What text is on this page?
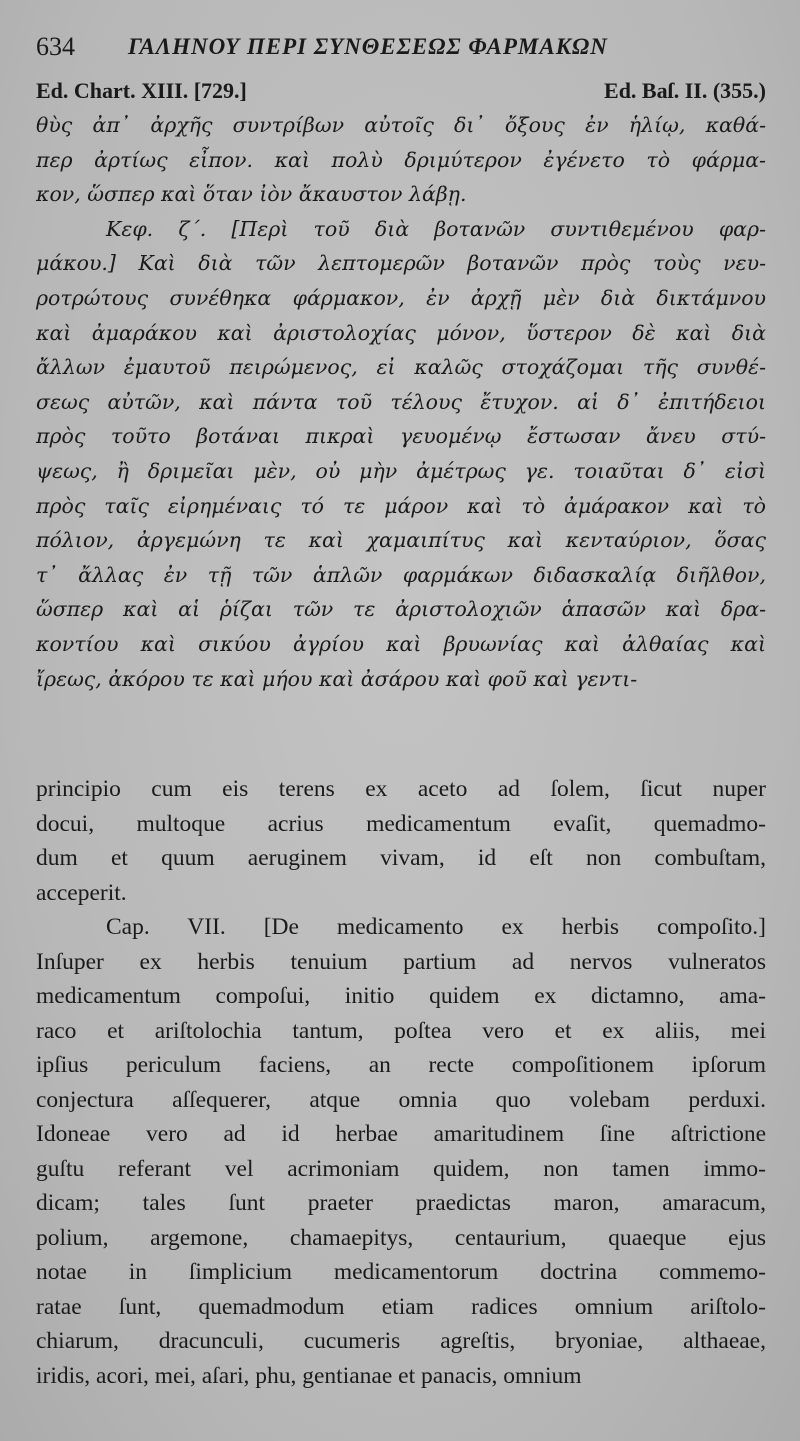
634 ΓΑΛΗΝΟΥ ΠΕΡΙ ΣΥΝΘΕΣΕΩΣ ΦΑΡΜΑΚΩΝ
Ed. Chart. XIII. [729.]	Ed. Baſ. II. (355.)
θὺς ἀπ᾽ ἀρχῆς συντρίβων αὐτοῖς δι᾽ ὄξους ἐν ἡλίῳ, καθά-
περ ἀρτίως εἶπον. καὶ πολὺ δριμύτερον ἐγένετο τὸ φάρμα-
κον, ὥσπερ καὶ ὅταν ἰὸν ἄκαυστον λάβῃ.
Κεφ. ζ΄. [Περὶ τοῦ διὰ βοτανῶν συντιθεμένου φαρ-
μάκου.] Καὶ διὰ τῶν λεπτομερῶν βοτανῶν πρὸς τοὺς νευ-
ροτρώτους συνέθηκα φάρμακον, ἐν ἀρχῇ μὲν διὰ δικτάμνου
καὶ ἀμαράκου καὶ ἀριστολοχίας μόνον, ὕστερον δὲ καὶ διὰ
ἄλλων ἐμαυτοῦ πειρώμενος, εἰ καλῶς στοχάζομαι τῆς συνθέ-
σεως αὐτῶν, καὶ πάντα τοῦ τέλους ἔτυχον. αἱ δ᾽ ἐπιτήδειοι
πρὸς τοῦτο βοτάναι πικραὶ γευομένῳ ἔστωσαν ἄνευ στύ-
ψεως, ἢ δριμεῖαι μὲν, οὐ μὴν ἀμέτρως γε. τοιαῦται δ᾽ εἰσὶ
πρὸς ταῖς εἰρημέναις τό τε μάρον καὶ τὸ ἀμάρακον καὶ τὸ
πόλιον, ἀργεμώνη τε καὶ χαμαιπίτυς καὶ κενταύριον, ὅσας
τ᾽ ἄλλας ἐν τῇ τῶν ἁπλῶν φαρμάκων διδασκαλίᾳ διῆλθον,
ὥσπερ καὶ αἱ ῥίζαι τῶν τε ἀριστολοχιῶν ἁπασῶν καὶ δρα-
κοντίου καὶ σικύου ἀγρίου καὶ βρυωνίας καὶ ἀλθαίας καὶ
ἴρεως, ἀκόρου τε καὶ μήου καὶ ἀσάρου καὶ φοῦ καὶ γεντι-
principio cum eis terens ex aceto ad ſolem, ſicut nuper
docui, multoque acrius medicamentum evaſit, quemadmo-
dum et quum aeruginem vivam, id eſt non combuſtam,
acceperit.
Cap. VII. [De medicamento ex herbis compoſito.]
Inſuper ex herbis tenuium partium ad nervos vulneratos
medicamentum compoſui, initio quidem ex dictamno, ama-
raco et ariſtolochia tantum, poſtea vero et ex aliis, mei
ipſius periculum faciens, an recte compoſitionem ipſorum
conjectura aſſequerer, atque omnia quo volebam perduxi.
Idoneae vero ad id herbae amaritudinem ſine aſtrictione
guſtu referant vel acrimoniam quidem, non tamen immo-
dicam; tales ſunt praeter praedictas maron, amaracum,
polium, argemone, chamaepitys, centaurium, quaeque ejus
notae in ſimplicium medicamentorum doctrina commemo-
ratae ſunt, quemadmodum etiam radices omnium ariſtolo-
chiarum, dracunculi, cucumeris agreſtis, bryoniae, althaeae,
iridis, acori, mei, aſari, phu, gentianae et panacis, omnium
